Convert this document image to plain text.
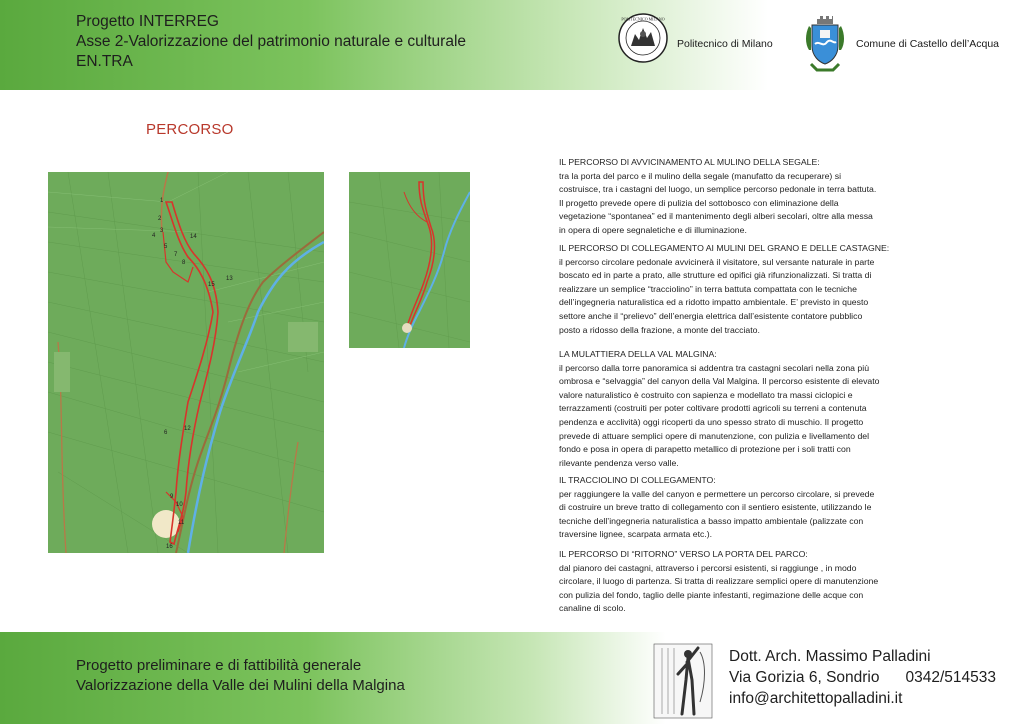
Progetto INTERREG
Asse 2-Valorizzazione del patrimonio naturale e culturale
EN.TRA
POLITECNICO MILANO
Politecnico di Milano	Comune di Castello dell’Acqua
PERCORSO
1
2
3
4
5
6
7
8
9
10
11
12
13
14
15
16

IL PERCORSO DI AVVICINAMENTO AL MULINO DELLA SEGALE:

tra la porta del parco e il mulino della segale (manufatto da recuperare) si

costruisce, tra i castagni del luogo, un semplice percorso pedonale in terra battuta.

Il progetto prevede opere di pulizia del sottobosco con eliminazione della

vegetazione “spontanea” ed il mantenimento degli alberi secolari, oltre alla messa

in opera di opere segnaletiche e di illuminazione.

IL PERCORSO DI COLLEGAMENTO AI MULINI DEL GRANO E DELLE CASTAGNE:

il percorso circolare pedonale avvicinerà il visitatore, sul versante naturale in parte

boscato ed in parte a prato, alle strutture ed opifici già rifunzionalizzati. Si tratta di

realizzare un semplice “tracciolino” in terra battuta compattata con le tecniche

dell’ingegneria naturalistica ed a ridotto impatto ambientale. E’ previsto in questo

settore anche il “prelievo” dell’energia elettrica dall’esistente contatore pubblico

posto a ridosso della frazione, a monte del tracciato.

LA MULATTIERA DELLA VAL MALGINA:

il percorso dalla torre panoramica si addentra tra castagni secolari nella zona più

ombrosa e “selvaggia” del canyon della Val Malgina. Il percorso esistente di elevato

valore naturalistico è costruito con sapienza e modellato tra massi ciclopici e

terrazzamenti (costruiti per poter coltivare prodotti agricoli su terreni a contenuta

pendenza e acclività) oggi ricoperti da uno spesso strato di muschio. Il progetto

prevede di attuare semplici opere di manutenzione, con pulizia e livellamento del

fondo e posa in opera di parapetto metallico di protezione per i soli tratti con

rilevante pendenza verso valle.

IL TRACCIOLINO DI COLLEGAMENTO:

per raggiungere la valle del canyon e permettere un percorso circolare, si prevede

di costruire un breve tratto di collegamento con il sentiero esistente, utilizzando le

tecniche dell’ingegneria naturalistica a basso impatto ambientale (palizzate con

traversine lignee, scarpata armata etc.).

IL PERCORSO DI “RITORNO” VERSO LA PORTA DEL PARCO:

dal pianoro dei castagni, attraverso i percorsi esistenti, si raggiunge , in modo

circolare, il luogo di partenza. Si tratta di realizzare semplici opere di manutenzione

con pulizia del fondo, taglio delle piante infestanti, regimazione delle acque con

canaline di scolo.

Progetto preliminare e di fattibilità generale
Valorizzazione della Valle dei Mulini della Malgina
Dott. Arch. Massimo Palladini
Via Gorizia 6, Sondrio 0342/514533
info@architettopalladini.it
